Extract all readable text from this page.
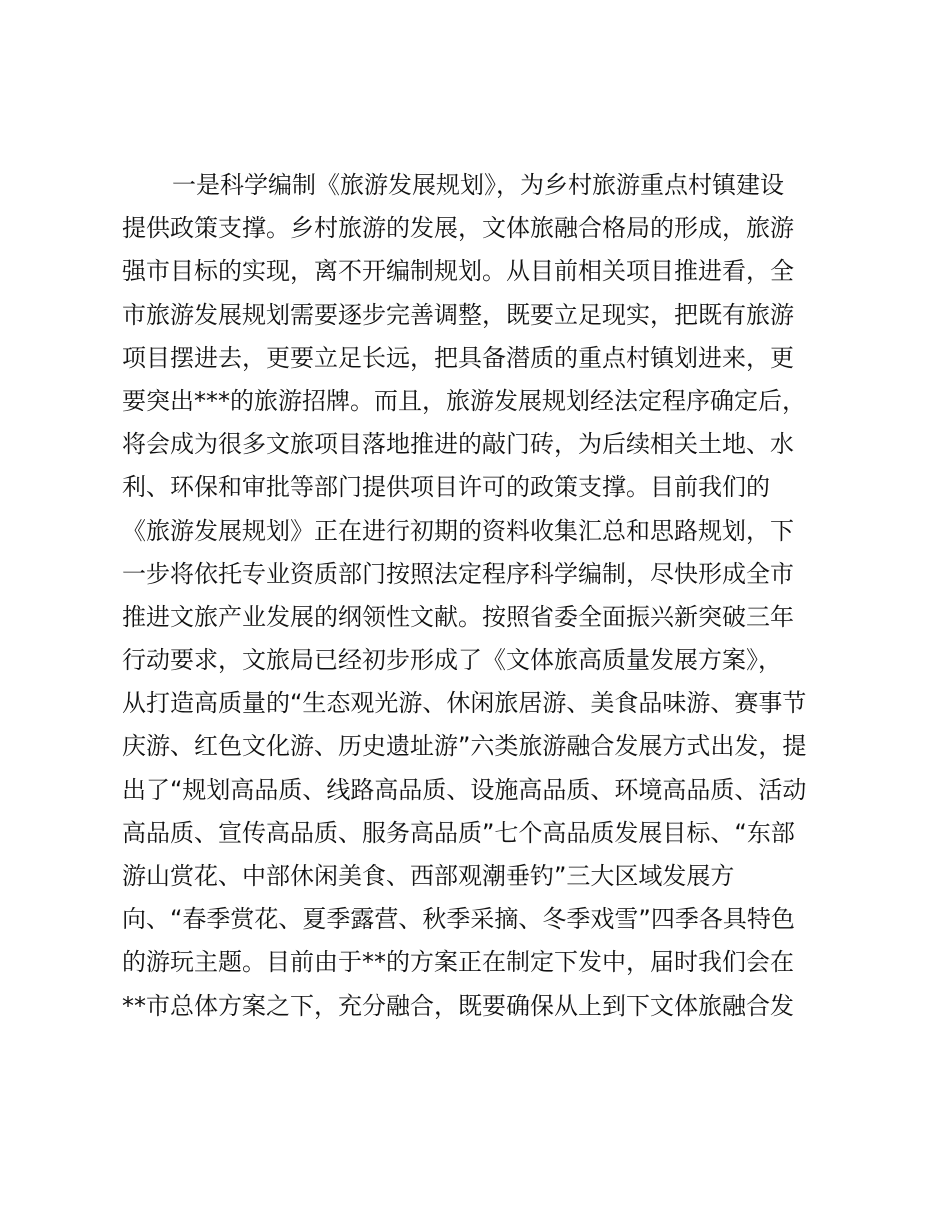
一是科学编制《旅游发展规划》，为乡村旅游重点村镇建设
提供政策支撑。乡村旅游的发展，文体旅融合格局的形成，旅游
强市目标的实现，离不开编制规划。从目前相关项目推进看，全
市旅游发展规划需要逐步完善调整，既要立足现实，把既有旅游
项目摆进去，更要立足长远，把具备潜质的重点村镇划进来，更
要突出***的旅游招牌。而且，旅游发展规划经法定程序确定后，
将会成为很多文旅项目落地推进的敲门砖，为后续相关土地、水
利、环保和审批等部门提供项目许可的政策支撑。目前我们的
《旅游发展规划》正在进行初期的资料收集汇总和思路规划，下
一步将依托专业资质部门按照法定程序科学编制，尽快形成全市
推进文旅产业发展的纲领性文献。按照省委全面振兴新突破三年
行动要求，文旅局已经初步形成了《文体旅高质量发展方案》，
从打造高质量的“生态观光游、休闲旅居游、美食品味游、赛事节
庆游、红色文化游、历史遗址游”六类旅游融合发展方式出发，提
出了“规划高品质、线路高品质、设施高品质、环境高品质、活动
高品质、宣传高品质、服务高品质”七个高品质发展目标、“东部
游山赏花、中部休闲美食、西部观潮垂钓”三大区域发展方
向、“春季赏花、夏季露营、秋季采摘、冬季戏雪”四季各具特色
的游玩主题。目前由于**的方案正在制定下发中，届时我们会在
**市总体方案之下，充分融合，既要确保从上到下文体旅融合发
